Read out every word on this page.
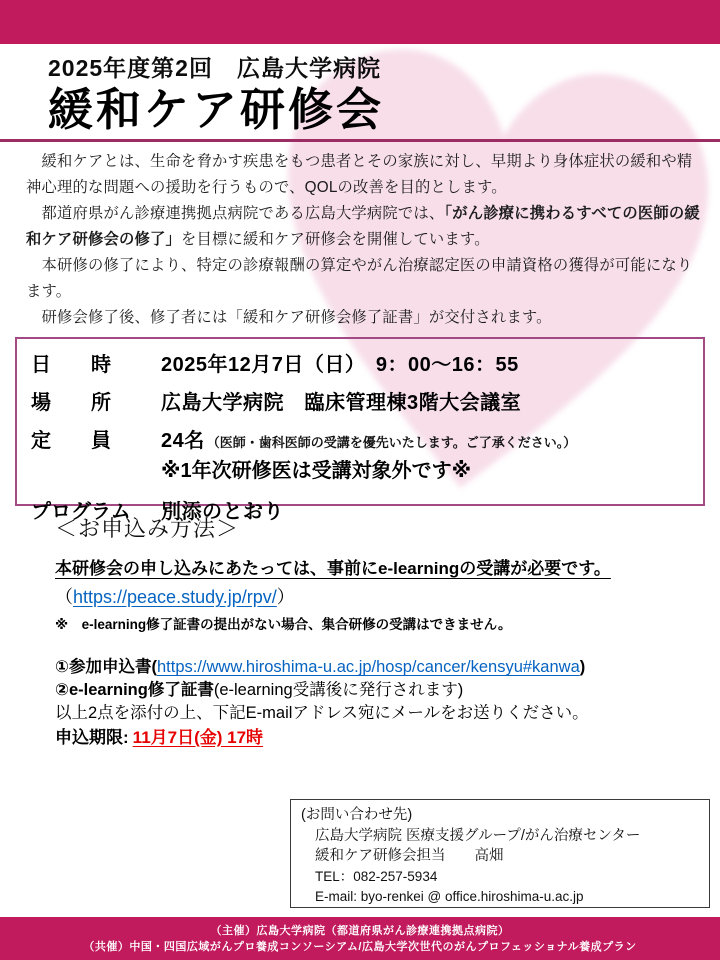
2025年度第2回　広島大学病院
緩和ケア研修会

　緩和ケアとは、生命を脅かす疾患をもつ患者とその家族に対し、早期より身体症状の緩和や精神心理的な問題への援助を行うもので、QOLの改善を目的とします。

　都道府県がん診療連携拠点病院である広島大学病院では、「がん診療に携わるすべての医師の緩和ケア研修会の修了」を目標に緩和ケア研修会を開催しています。

　本研修の修了により、特定の診療報酬の算定やがん治療認定医の申請資格の獲得が可能になります。

　研修会修了後、修了者には「緩和ケア研修会修了証書」が交付されます。

日　　時	2025年12月7日（日）　9：00～16：55
場　　所	広島大学病院　臨床管理棟3階大会議室
定　　員	24名 （医師・歯科医師の受講を優先いたします。ご了承ください。）
※1年次研修医は受講対象外です※
プログラム	別添のとおり
＜お申込み方法＞
本研修会の申し込みにあたっては、事前にe-learningの受講が必要です。
（https://peace.study.jp/rpv/）
※　e-learning修了証書の提出がない場合、集合研修の受講はできません。
①参加申込書(https://www.hiroshima-u.ac.jp/hosp/cancer/kensyu#kanwa)
②e-learning修了証書(e-learning受講後に発行されます)
以上2点を添付の上、下記E-mailアドレス宛にメールをお送りください。
申込期限: 11月7日(金) 17時
(お問い合わせ先)
広島大学病院 医療支援グループ/がん治療センター
緩和ケア研修会担当　　高畑
TEL：082-257-5934
E-mail: byo-renkei @ office.hiroshima-u.ac.jp
（主催）広島大学病院（都道府県がん診療連携拠点病院）
（共催）中国・四国広域がんプロ養成コンソーシアム/広島大学次世代のがんプロフェッショナル養成プラン
